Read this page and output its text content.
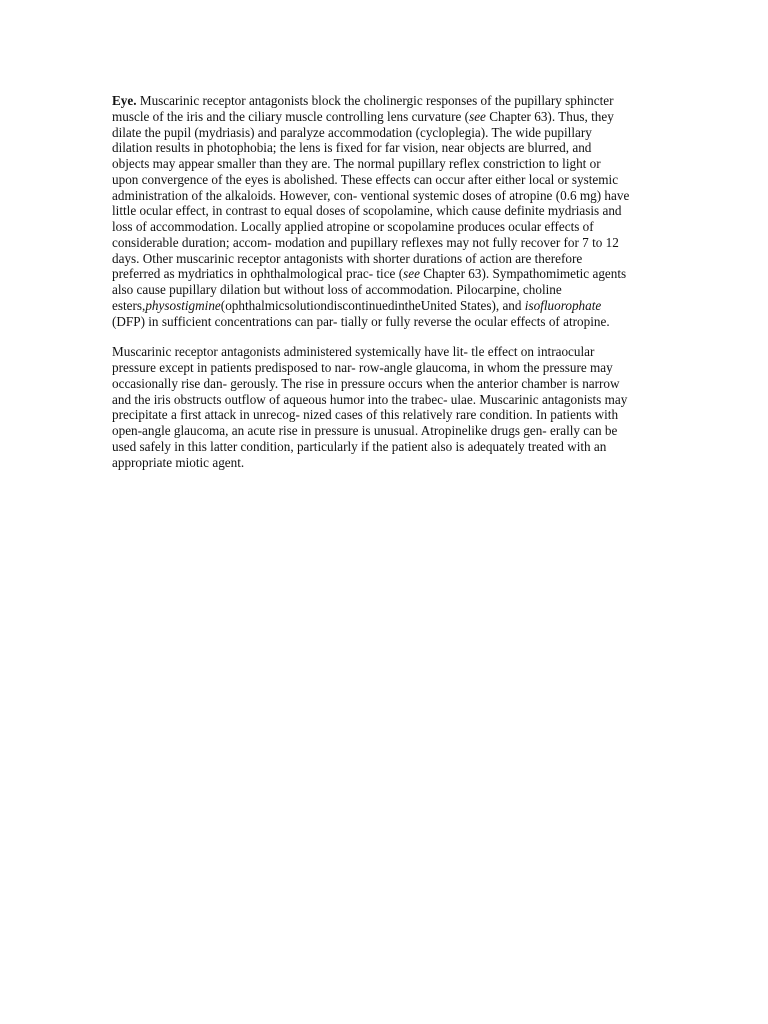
Eye. Muscarinic receptor antagonists block the cholinergic responses of the pupillary sphincter
muscle of the iris and the ciliary muscle controlling lens curvature (see Chapter 63). Thus, they
dilate the pupil (mydriasis) and paralyze accommodation (cycloplegia). The wide pupillary
dilation results in photophobia; the lens is fixed for far vision, near objects are blurred, and
objects may appear smaller than they are. The normal pupillary reflex constriction to light or
upon convergence of the eyes is abolished. These effects can occur after either local or systemic
administration of the alkaloids. However, con- ventional systemic doses of atropine (0.6 mg) have
little ocular effect, in contrast to equal doses of scopolamine, which cause definite mydriasis and
loss of accommodation. Locally applied atropine or scopolamine produces ocular effects of
considerable duration; accom- modation and pupillary reflexes may not fully recover for 7 to 12
days. Other muscarinic receptor antagonists with shorter durations of action are therefore
preferred as mydriatics in ophthalmological prac- tice (see Chapter 63). Sympathomimetic agents
also cause pupillary dilation but without loss of accommodation. Pilocarpine, choline
esters,physostigmine(ophthalmicsolutiondiscontinuedintheUnited States), and isofluorophate
(DFP) in sufficient concentrations can par- tially or fully reverse the ocular effects of atropine.

Muscarinic receptor antagonists administered systemically have lit- tle effect on intraocular
pressure except in patients predisposed to nar- row-angle glaucoma, in whom the pressure may
occasionally rise dan- gerously. The rise in pressure occurs when the anterior chamber is narrow
and the iris obstructs outflow of aqueous humor into the trabec- ulae. Muscarinic antagonists may
precipitate a first attack in unrecog- nized cases of this relatively rare condition. In patients with
open-angle glaucoma, an acute rise in pressure is unusual. Atropinelike drugs gen- erally can be
used safely in this latter condition, particularly if the patient also is adequately treated with an
appropriate miotic agent.
